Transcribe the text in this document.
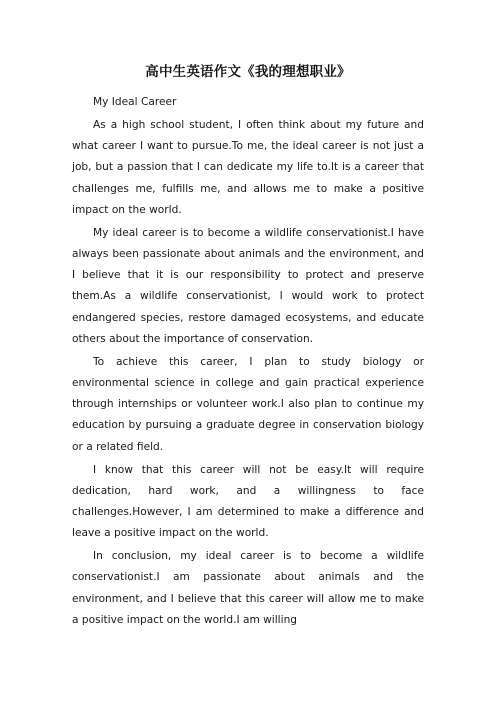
高中生英语作文《我的理想职业》

My Ideal Career

As a high school student, I often think about my future and what career I want to pursue.To me, the ideal career is not just a job, but a passion that I can dedicate my life to.It is a career that challenges me, fulfills me, and allows me to make a positive impact on the world.

My ideal career is to become a wildlife conservationist.I have always been passionate about animals and the environment, and I believe that it is our responsibility to protect and preserve them.As a wildlife conservationist, I would work to protect endangered species, restore damaged ecosystems, and educate others about the importance of conservation.

To achieve this career, I plan to study biology or environmental science in college and gain practical experience through internships or volunteer work.I also plan to continue my education by pursuing a graduate degree in conservation biology or a related field.

I know that this career will not be easy.It will require dedication, hard work, and a willingness to face challenges.However, I am determined to make a difference and leave a positive impact on the world.

In conclusion, my ideal career is to become a wildlife conservationist.I am passionate about animals and the environment, and I believe that this career will allow me to make a positive impact on the world.I am willing
